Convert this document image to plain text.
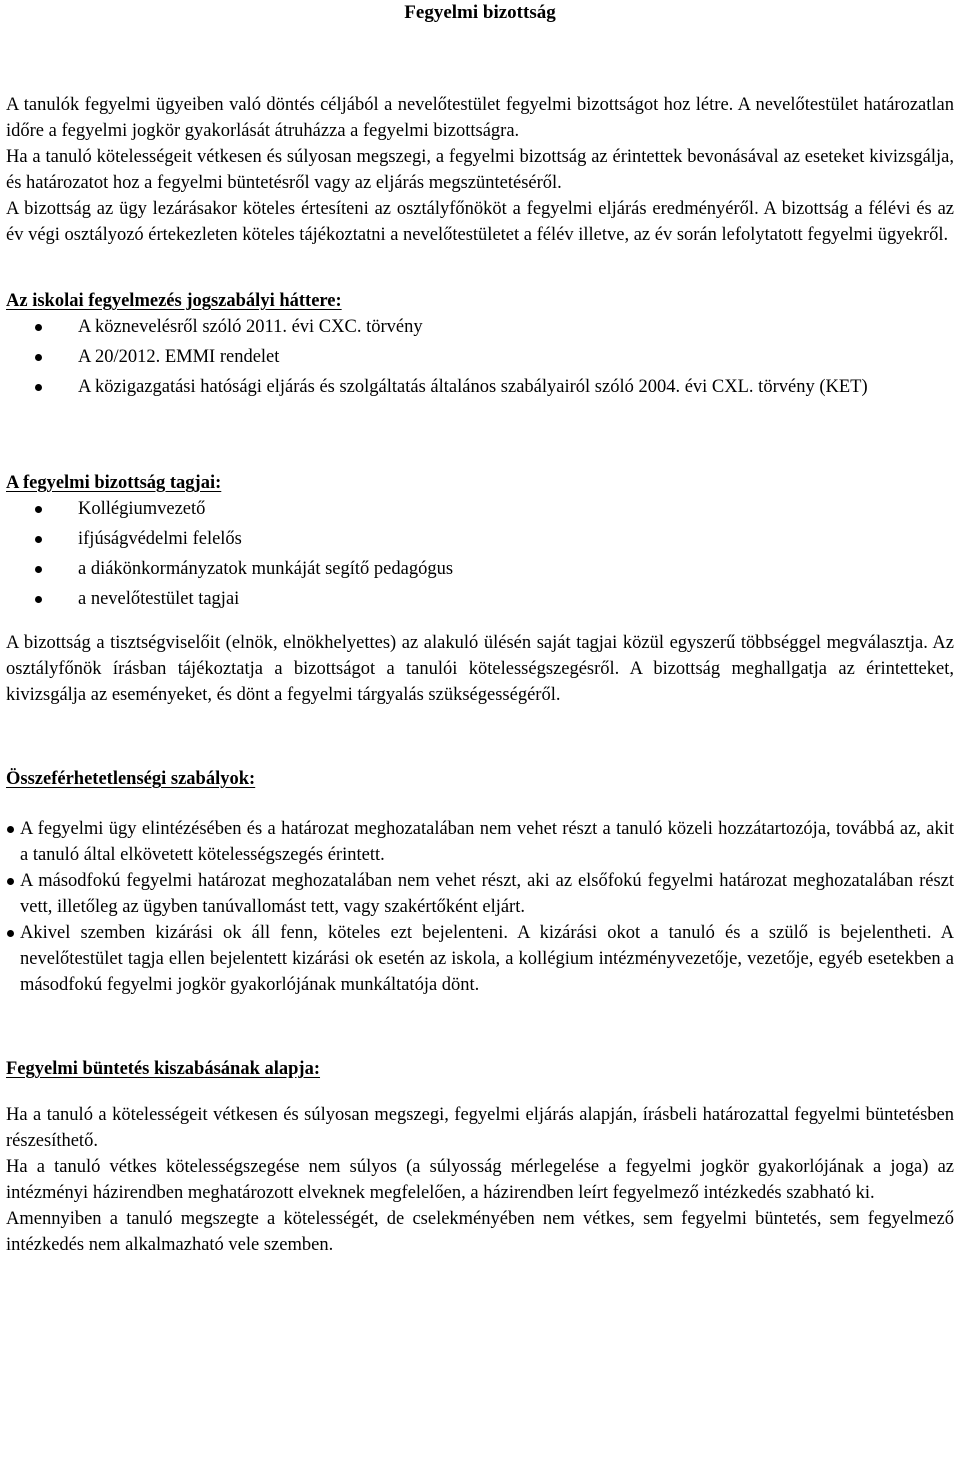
Fegyelmi bizottság

A tanulók fegyelmi ügyeiben való döntés céljából a nevelőtestület fegyelmi bizottságot hoz létre. A nevelőtestület határozatlan időre a fegyelmi jogkör gyakorlását átruházza a fegyelmi bizottságra.

Ha a tanuló kötelességeit vétkesen és súlyosan megszegi, a fegyelmi bizottság az érintettek bevonásával az eseteket kivizsgálja, és határozatot hoz a fegyelmi büntetésről vagy az eljárás megszüntetéséről.

A bizottság az ügy lezárásakor köteles értesíteni az osztályfőnököt a fegyelmi eljárás eredményéről. A bizottság a félévi és az év végi osztályozó értekezleten köteles tájékoztatni a nevelőtestületet a félév illetve, az év során lefolytatott fegyelmi ügyekről.

Az iskolai fegyelmezés jogszabályi háttere:

A köznevelésről szóló 2011. évi CXC. törvény
A 20/2012. EMMI rendelet
A közigazgatási hatósági eljárás és szolgáltatás általános szabályairól szóló 2004. évi CXL. törvény (KET)

A fegyelmi bizottság tagjai:

Kollégiumvezető
ifjúságvédelmi felelős
a diákönkormányzatok munkáját segítő pedagógus
a nevelőtestület tagjai

A bizottság a tisztségviselőit (elnök, elnökhelyettes) az alakuló ülésén saját tagjai közül egyszerű többséggel megválasztja. Az osztályfőnök írásban tájékoztatja a bizottságot a tanulói kötelességszegésről. A bizottság meghallgatja az érintetteket, kivizsgálja az eseményeket, és dönt a fegyelmi tárgyalás szükségességéről.

Összeférhetetlenségi szabályok:

A fegyelmi ügy elintézésében és a határozat meghozatalában nem vehet részt a tanuló közeli hozzátartozója, továbbá az, akit a tanuló által elkövetett kötelességszegés érintett.
A másodfokú fegyelmi határozat meghozatalában nem vehet részt, aki az elsőfokú fegyelmi határozat meghozatalában részt vett, illetőleg az ügyben tanúvallomást tett, vagy szakértőként eljárt.
Akivel szemben kizárási ok áll fenn, köteles ezt bejelenteni. A kizárási okot a tanuló és a szülő is bejelentheti. A nevelőtestület tagja ellen bejelentett kizárási ok esetén az iskola, a kollégium intézményvezetője, vezetője, egyéb esetekben a másodfokú fegyelmi jogkör gyakorlójának munkáltatója dönt.

Fegyelmi büntetés kiszabásának alapja:

Ha a tanuló a kötelességeit vétkesen és súlyosan megszegi, fegyelmi eljárás alapján, írásbeli határozattal fegyelmi büntetésben részesíthető.

Ha a tanuló vétkes kötelességszegése nem súlyos (a súlyosság mérlegelése a fegyelmi jogkör gyakorlójának a joga) az intézményi házirendben meghatározott elveknek megfelelően, a házirendben leírt fegyelmező intézkedés szabható ki.

Amennyiben a tanuló megszegte a kötelességét, de cselekményében nem vétkes, sem fegyelmi büntetés, sem fegyelmező intézkedés nem alkalmazható vele szemben.
